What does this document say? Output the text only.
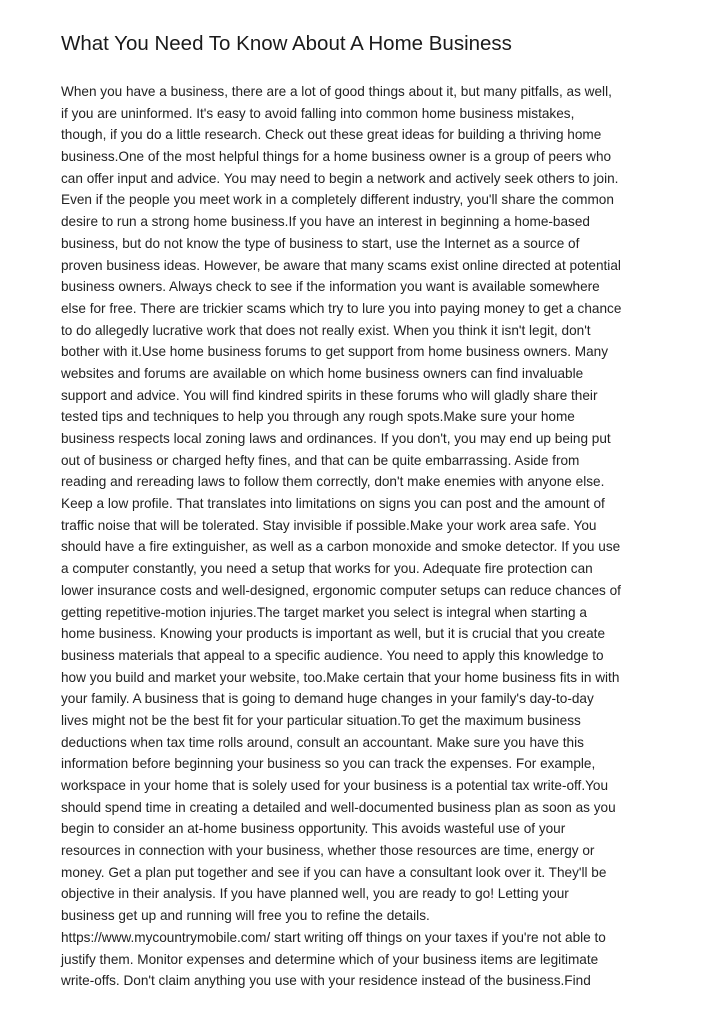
What You Need To Know About A Home Business
When you have a business, there are a lot of good things about it, but many pitfalls, as well,
if you are uninformed. It's easy to avoid falling into common home business mistakes,
though, if you do a little research. Check out these great ideas for building a thriving home
business.One of the most helpful things for a home business owner is a group of peers who
can offer input and advice. You may need to begin a network and actively seek others to join.
Even if the people you meet work in a completely different industry, you'll share the common
desire to run a strong home business.If you have an interest in beginning a home-based
business, but do not know the type of business to start, use the Internet as a source of
proven business ideas. However, be aware that many scams exist online directed at potential
business owners. Always check to see if the information you want is available somewhere
else for free. There are trickier scams which try to lure you into paying money to get a chance
to do allegedly lucrative work that does not really exist. When you think it isn't legit, don't
bother with it.Use home business forums to get support from home business owners. Many
websites and forums are available on which home business owners can find invaluable
support and advice. You will find kindred spirits in these forums who will gladly share their
tested tips and techniques to help you through any rough spots.Make sure your home
business respects local zoning laws and ordinances. If you don't, you may end up being put
out of business or charged hefty fines, and that can be quite embarrassing. Aside from
reading and rereading laws to follow them correctly, don't make enemies with anyone else.
Keep a low profile. That translates into limitations on signs you can post and the amount of
traffic noise that will be tolerated. Stay invisible if possible.Make your work area safe. You
should have a fire extinguisher, as well as a carbon monoxide and smoke detector. If you use
a computer constantly, you need a setup that works for you. Adequate fire protection can
lower insurance costs and well-designed, ergonomic computer setups can reduce chances of
getting repetitive-motion injuries.The target market you select is integral when starting a
home business. Knowing your products is important as well, but it is crucial that you create
business materials that appeal to a specific audience. You need to apply this knowledge to
how you build and market your website, too.Make certain that your home business fits in with
your family. A business that is going to demand huge changes in your family's day-to-day
lives might not be the best fit for your particular situation.To get the maximum business
deductions when tax time rolls around, consult an accountant. Make sure you have this
information before beginning your business so you can track the expenses. For example,
workspace in your home that is solely used for your business is a potential tax write-off.You
should spend time in creating a detailed and well-documented business plan as soon as you
begin to consider an at-home business opportunity. This avoids wasteful use of your
resources in connection with your business, whether those resources are time, energy or
money. Get a plan put together and see if you can have a consultant look over it. They'll be
objective in their analysis. If you have planned well, you are ready to go! Letting your
business get up and running will free you to refine the details.
https://www.mycountrymobile.com/ start writing off things on your taxes if you're not able to
justify them. Monitor expenses and determine which of your business items are legitimate
write-offs. Don't claim anything you use with your residence instead of the business.Find
